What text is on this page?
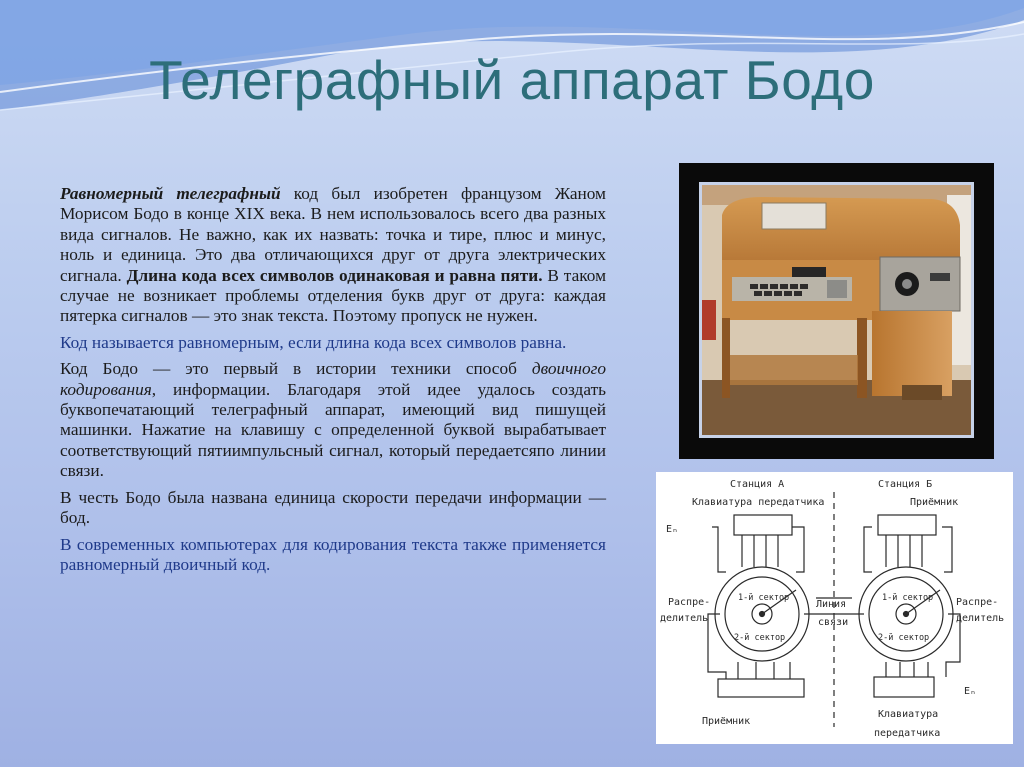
Телеграфный аппарат Бодо

Равномерный телеграфный код был изобретен французом Жаном Морисом Бодо в конце XIX века. В нем использовалось всего два разных вида сигналов. Не важно, как их назвать: точка и тире, плюс и минус, ноль и единица. Это два отличающихся друг от друга электрических сигнала. Длина кода всех символов одинаковая и равна пяти. В таком случае не возникает проблемы отделения букв друг от друга: каждая пятерка сигналов — это знак текста. Поэтому пропуск не нужен.

Код называется равномерным, если длина кода всех символов равна.

Код Бодо — это первый в истории техники способ двоичного кодирования, информации. Благодаря этой идее удалось создать буквопечатающий телеграфный аппарат, имеющий вид пишущей машинки. Нажатие на клавишу с определенной буквой вырабатывает соответствующий пятиимпульсный сигнал, который передаетсяпо линии связи.

В честь Бодо была названа единица скорости передачи информации — бод.

В современных компьютерах для кодирования текста также применяется равномерный двоичный код.

Станция А	Станция Б
Клавиатура передатчика	Приёмник
Приёмник
Клавиатура
передатчика
Распре-
делитель
Распре-
делитель
Линия
связи
Eₙ
Eₙ
1-й сектор
2-й сектор
1-й сектор
2-й сектор
